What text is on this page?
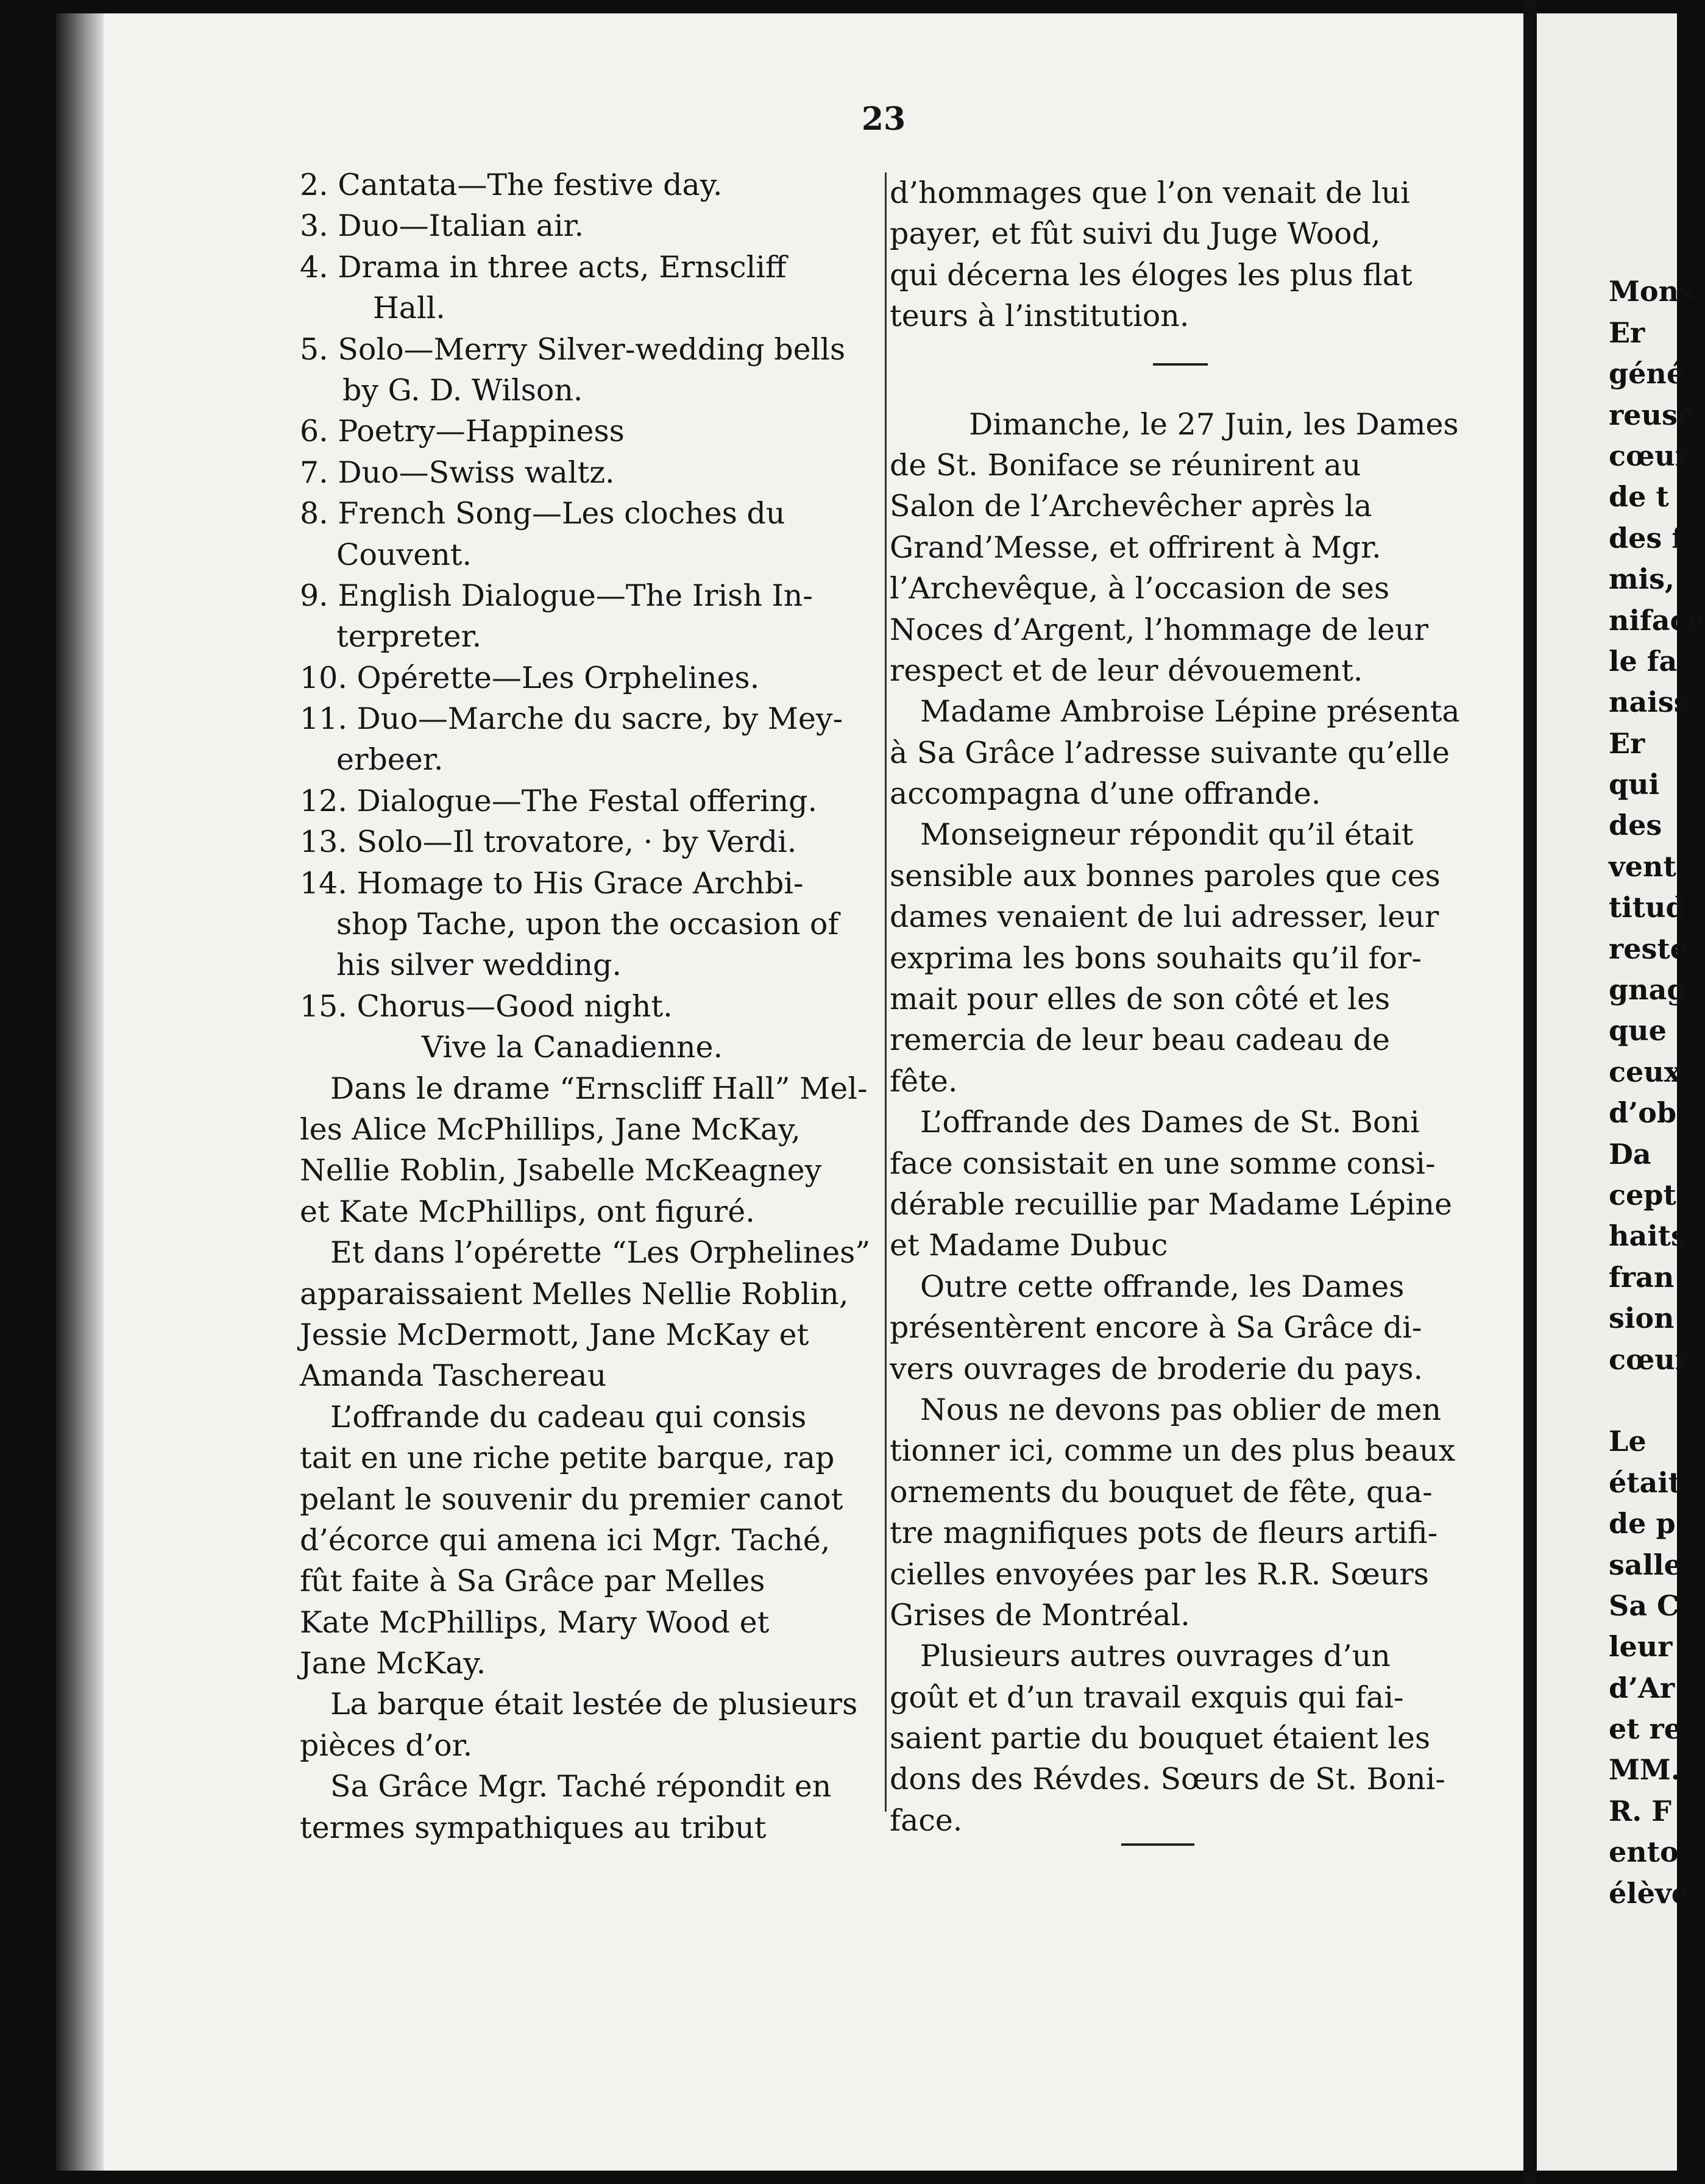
23
2. Cantata—The festive day.
3. Duo—Italian air.
4. Drama in three acts, Ernscliff
Hall.
5. Solo—Merry Silver-wedding bells
by G. D. Wilson.
6. Poetry—Happiness
7. Duo—Swiss waltz.
8. French Song—Les cloches du
Couvent.
9. English Dialogue—The Irish In-
terpreter.
10. Opérette—Les Orphelines.
11. Duo—Marche du sacre, by Mey-
erbeer.
12. Dialogue—The Festal offering.
13. Solo—Il trovatore, · by Verdi.
14. Homage to His Grace Archbi-
shop Tache, upon the occasion of
his silver wedding.
15. Chorus—Good night.
Vive la Canadienne.
Dans le drame “Ernscliff Hall” Mel-
les Alice McPhillips, Jane McKay,
Nellie Roblin, Jsabelle McKeagney
et Kate McPhillips, ont figuré.
Et dans l’opérette “Les Orphelines”
apparaissaient Melles Nellie Roblin,
Jessie McDermott, Jane McKay et
Amanda Taschereau
L’offrande du cadeau qui consis
tait en une riche petite barque, rap
pelant le souvenir du premier canot
d’écorce qui amena ici Mgr. Taché,
fût faite à Sa Grâce par Melles
Kate McPhillips, Mary Wood et
Jane McKay.
La barque était lestée de plusieurs
pièces d’or.
Sa Grâce Mgr. Taché répondit en
termes sympathiques au tribut
d’hommages que l’on venait de lui
payer, et fût suivi du Juge Wood,
qui décerna les éloges les plus flat
teurs à l’institution.
Dimanche, le 27 Juin, les Dames
de St. Boniface se réunirent au
Salon de l’Archevêcher après la
Grand’Messe, et offrirent à Mgr.
l’Archevêque, à l’occasion de ses
Noces d’Argent, l’hommage de leur
respect et de leur dévouement.
Madame Ambroise Lépine présenta
à Sa Grâce l’adresse suivante qu’elle
accompagna d’une offrande.
Monseigneur répondit qu’il était
sensible aux bonnes paroles que ces
dames venaient de lui adresser, leur
exprima les bons souhaits qu’il for-
mait pour elles de son côté et les
remercia de leur beau cadeau de
fête.
L’offrande des Dames de St. Boni
face consistait en une somme consi-
dérable recuillie par Madame Lépine
et Madame Dubuc
Outre cette offrande, les Dames
présentèrent encore à Sa Grâce di-
vers ouvrages de broderie du pays.
Nous ne devons pas oblier de men
tionner ici, comme un des plus beaux
ornements du bouquet de fête, qua-
tre magnifiques pots de fleurs artifi-
cielles envoyées par les R.R. Sœurs
Grises de Montréal.
Plusieurs autres ouvrages d’un
goût et d’un travail exquis qui fai-
saient partie du bouquet étaient les
dons des Révdes. Sœurs de St. Boni-
face.
Mons
Er
géné
reuse
cœur
de t
des f
mis,
niface
le fa
naiss
Er
qui
des
vent
titud
reste
gnag
que
ceux
d’ob
Da
cept
haits
fran
sion
cœur
Le
était
de p
salle
Sa C
leur
d’Ar
et re
MM.
R. F
ento
élève
